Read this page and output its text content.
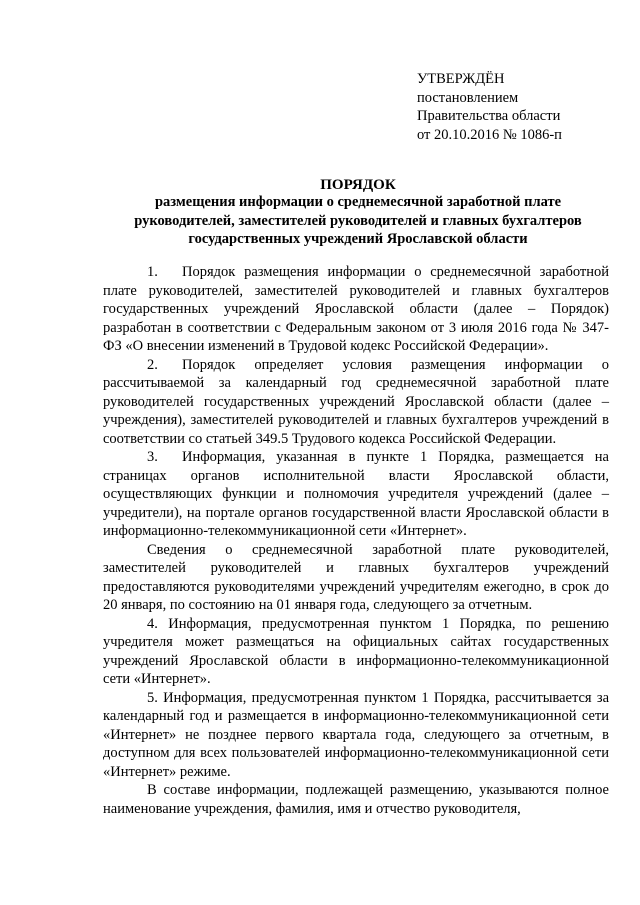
УТВЕРЖДЁН
постановлением
Правительства области
от 20.10.2016 № 1086-п
ПОРЯДОК
размещения информации о среднемесячной заработной плате
руководителей, заместителей руководителей и главных бухгалтеров
государственных учреждений Ярославской области

1. Порядок размещения информации о среднемесячной заработной плате руководителей, заместителей руководителей и главных бухгалтеров государственных учреждений Ярославской области (далее – Порядок) разработан в соответствии с Федеральным законом от 3 июля 2016 года № 347-ФЗ «О внесении изменений в Трудовой кодекс Российской Федерации».

2. Порядок определяет условия размещения информации о рассчитываемой за календарный год среднемесячной заработной плате руководителей государственных учреждений Ярославской области (далее – учреждения), заместителей руководителей и главных бухгалтеров учреждений в соответствии со статьей 349.5 Трудового кодекса Российской Федерации.

3. Информация, указанная в пункте 1 Порядка, размещается на страницах органов исполнительной власти Ярославской области, осуществляющих функции и полномочия учредителя учреждений (далее – учредители), на портале органов государственной власти Ярославской области в информационно-телекоммуникационной сети «Интернет».

Сведения о среднемесячной заработной плате руководителей, заместителей руководителей и главных бухгалтеров учреждений предоставляются руководителями учреждений учредителям ежегодно, в срок до 20 января, по состоянию на 01 января года, следующего за отчетным.

4. Информация, предусмотренная пунктом 1 Порядка, по решению учредителя может размещаться на официальных сайтах государственных учреждений Ярославской области в информационно-телекоммуникационной сети «Интернет».

5. Информация, предусмотренная пунктом 1 Порядка, рассчитывается за календарный год и размещается в информационно-телекоммуникационной сети «Интернет» не позднее первого квартала года, следующего за отчетным, в доступном для всех пользователей информационно-телекоммуникационной сети «Интернет» режиме.

В составе информации, подлежащей размещению, указываются полное наименование учреждения, фамилия, имя и отчество руководителя,
